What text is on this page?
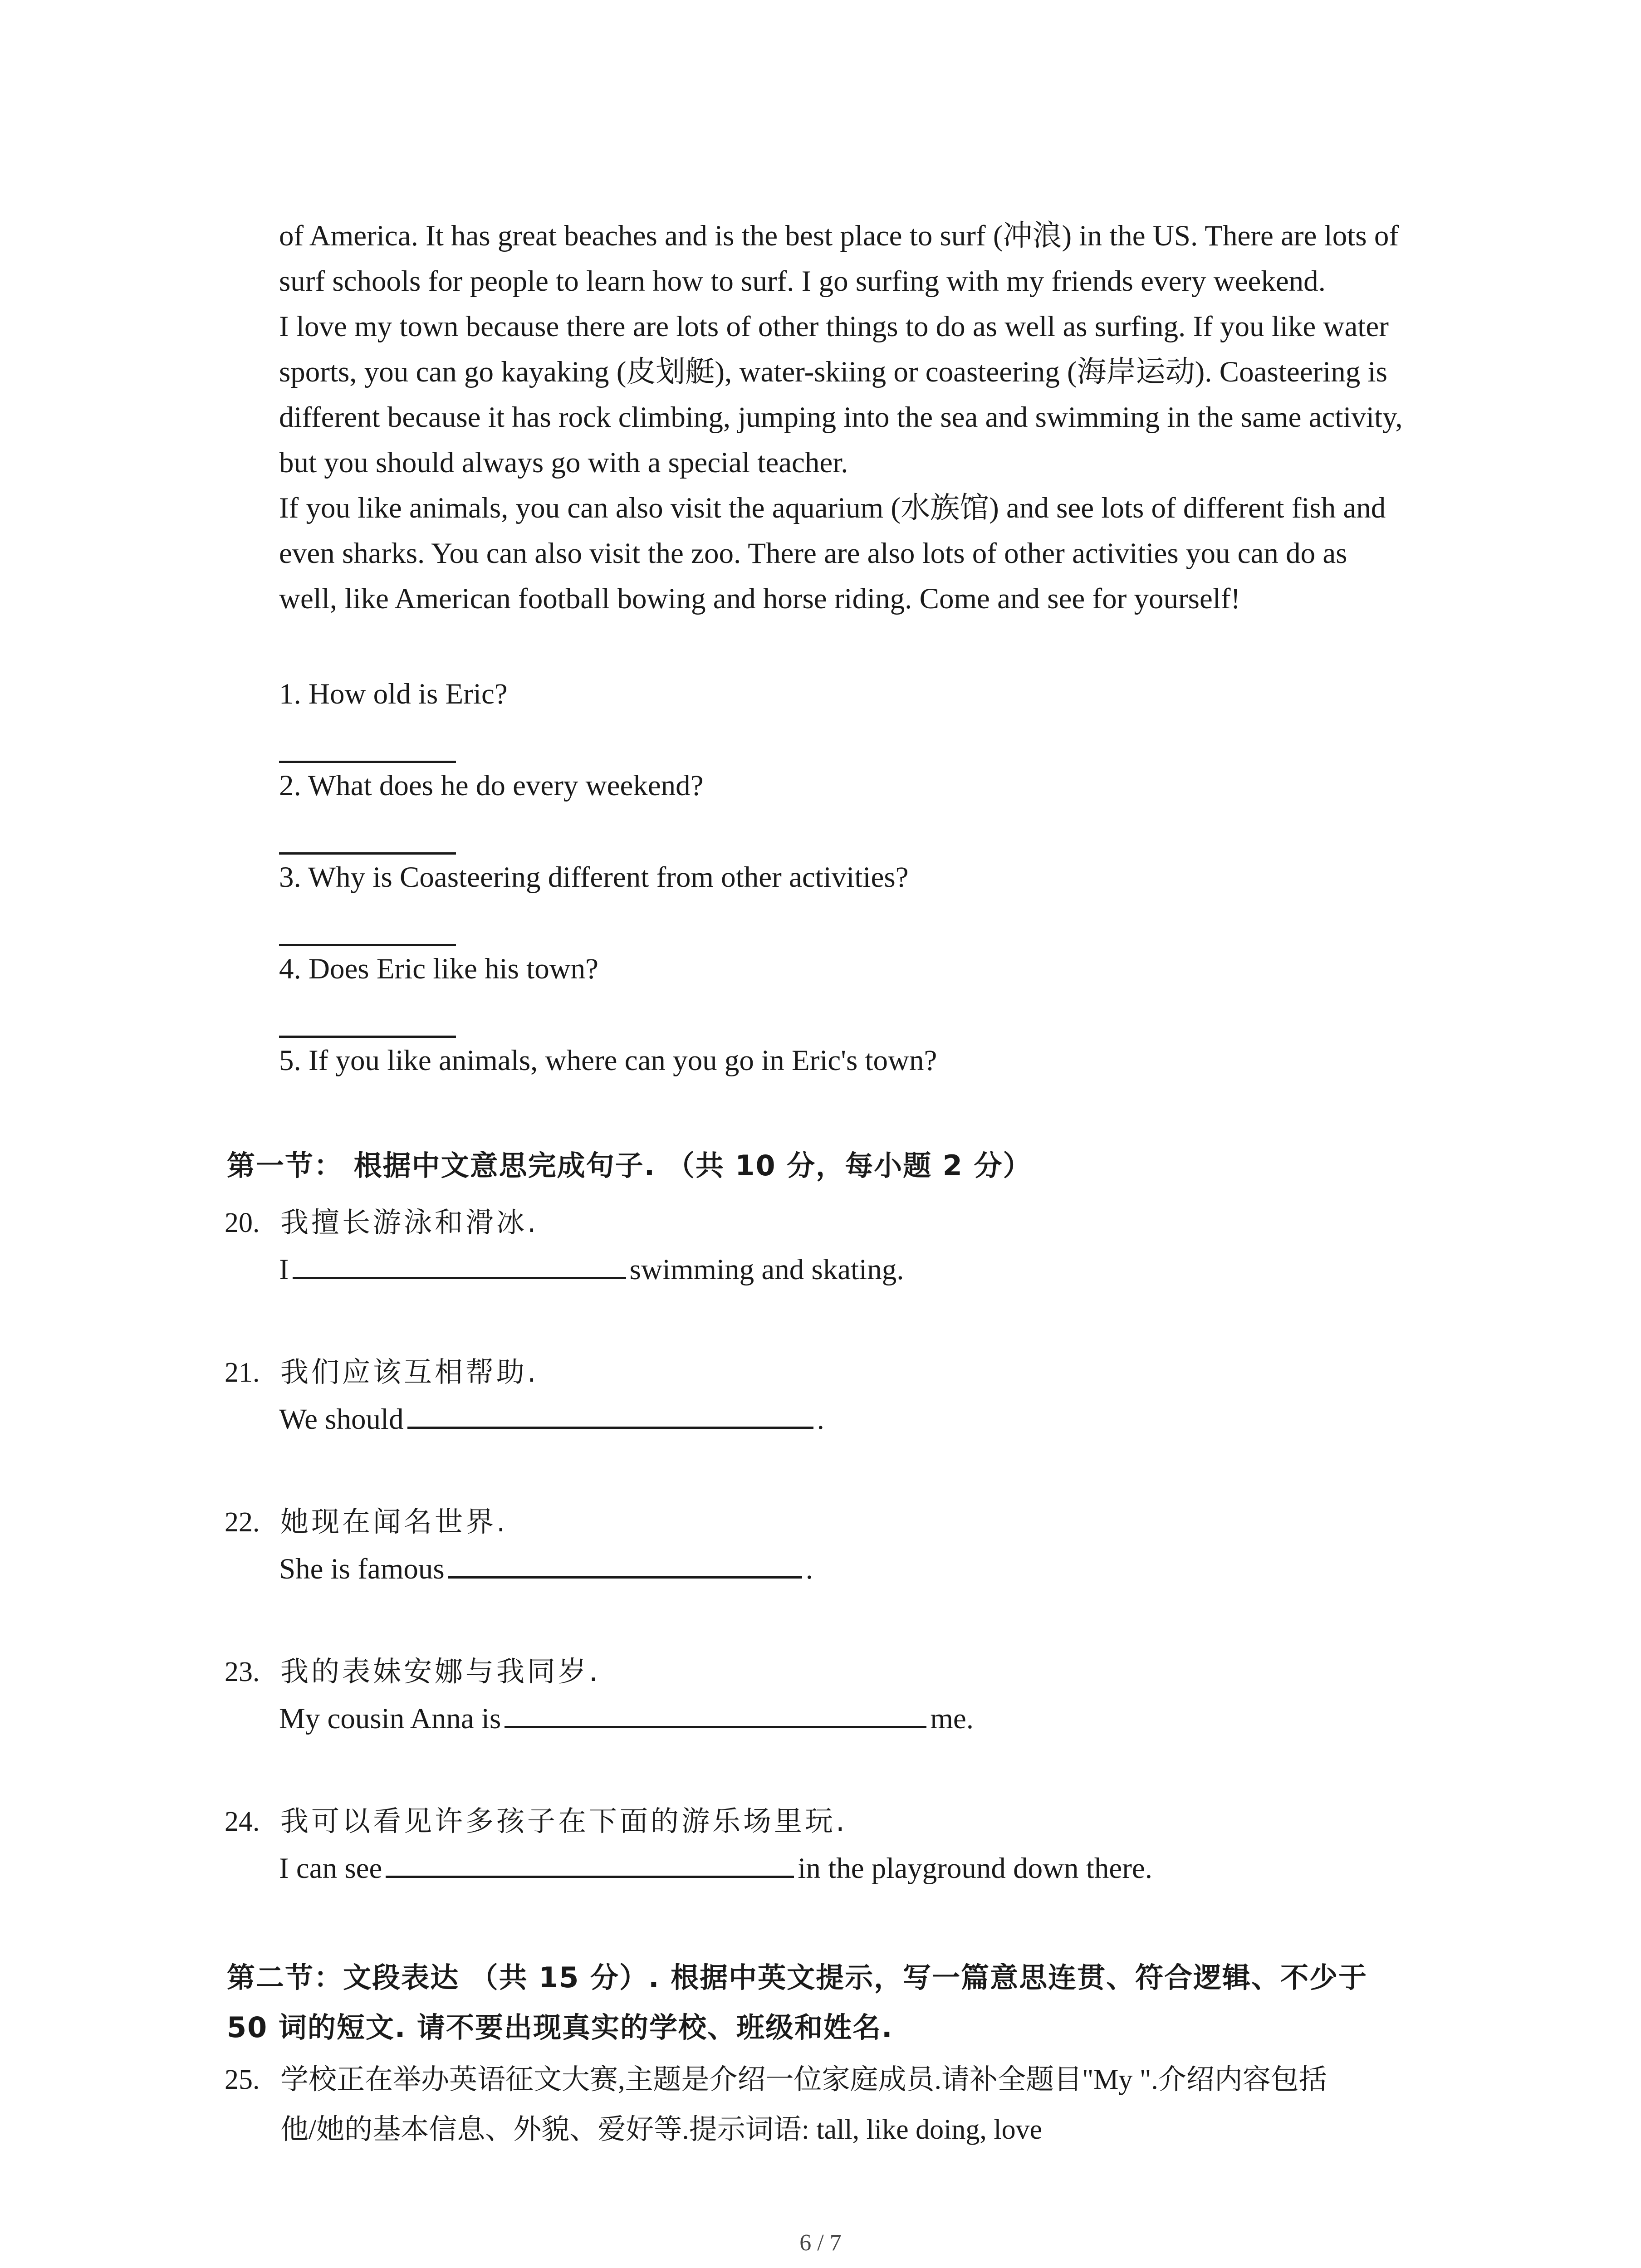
of America. It has great beaches and is the best place to surf (冲浪) in the US. There are lots of

surf schools for people to learn how to surf. I go surfing with my friends every weekend.

I love my town because there are lots of other things to do as well as surfing. If you like water

sports, you can go kayaking (皮划艇), water-skiing or coasteering (海岸运动). Coasteering is

different because it has rock climbing, jumping into the sea and swimming in the same activity,

but you should always go with a special teacher.

If you like animals, you can also visit the aquarium (水族馆) and see lots of different fish and

even sharks. You can also visit the zoo. There are also lots of other activities you can do as

well, like American football bowing and horse riding. Come and see for yourself!

1. How old is Eric?
2. What does he do every weekend?
3. Why is Coasteering different from other activities?
4. Does Eric like his town?
5. If you like animals, where can you go in Eric's town?
第一节： 根据中文意思完成句子. （共 10 分，每小题 2 分）
20. 我擅长游泳和滑冰.
I	swimming and skating.
21. 我们应该互相帮助.
We should	.
22. 她现在闻名世界.
She is famous	.
23. 我的表妹安娜与我同岁.
My cousin Anna is	me.
24. 我可以看见许多孩子在下面的游乐场里玩.
I can see	in the playground down there.
第二节：文段表达 （共 15 分）. 根据中英文提示，写一篇意思连贯、符合逻辑、不少于
50 词的短文. 请不要出现真实的学校、班级和姓名.
25. 学校正在举办英语征文大赛,主题是介绍一位家庭成员.请补全题目"My ".介绍内容包括
他/她的基本信息、外貌、爱好等.提示词语: tall, like doing, love
6 / 7
